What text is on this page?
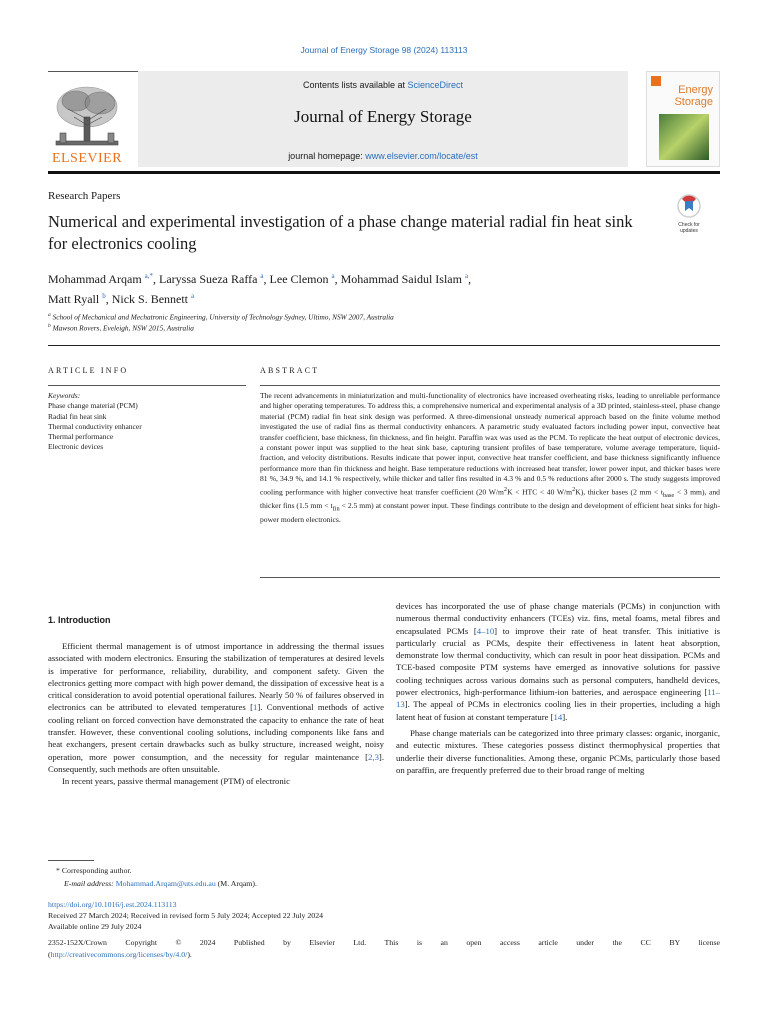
Journal of Energy Storage 98 (2024) 113113
ELSEVIER
Contents lists available at ScienceDirect
Journal of Energy Storage
journal homepage: www.elsevier.com/locate/est
Energy
Storage
Research Papers
Numerical and experimental investigation of a phase change material radial fin heat sink for electronics cooling
Check for
updates
Mohammad Arqam $^{a,*}$, Laryssa Sueza Raffa $^a$, Lee Clemon $^a$, Mohammad Saidul Islam $^a$,
Matt Ryall $^b$, Nick S. Bennett $^a$
$^a$ School of Mechanical and Mechatronic Engineering, University of Technology Sydney, Ultimo, NSW 2007, Australia
$^b$ Mawson Rovers, Eveleigh, NSW 2015, Australia
ARTICLE INFO	ABSTRACT
Keywords:
Phase change material (PCM)
Radial fin heat sink
Thermal conductivity enhancer
Thermal performance
Electronic devices
The recent advancements in miniaturization and multi-functionality of electronics have increased overheating risks, leading to unreliable performance and higher operating temperatures. To address this, a comprehensive numerical and experimental analysis of a 3D printed, stainless-steel, phase change material (PCM) radial fin heat sink design was performed. A three-dimensional unsteady numerical approach based on the finite volume method investigated the use of radial fins as thermal conductivity enhancers. A parametric study evaluated factors including power input, convective heat transfer coefficient, base thickness, fin thickness, and fin height. Paraffin wax was used as the PCM. To replicate the heat output of electronic devices, a constant power input was supplied to the heat sink base, capturing transient profiles of base temperature, volume average temperature, liquid-fraction, and velocity distributions. Results indicate that power input, convective heat transfer coefficient, and base thickness significantly influence performance more than fin thickness and height. Base temperature reductions with increased heat transfer, lower power input, and thicker bases were 81 %, 34.9 %, and 14.1 % respectively, while thicker and taller fins resulted in 4.3 % and 0.5 % reductions after 2000 s. The study suggests improved cooling performance with higher convective heat transfer coefficient (20 $W/m^2K$ < HTC < 40 $W/m^2K$), thicker bases (2 mm < $t_{base} < 3$ mm), and thicker fins (1.5 mm < $t_{fin} < 2.5$ mm) at constant power input. These findings contribute to the design and development of efficient heat sinks for high-power modern electronics.
1. Introduction

Efficient thermal management is of utmost importance in addressing the thermal issues associated with modern electronics. Ensuring the stabilization of temperatures at desired levels is imperative for performance, reliability, durability, and component safety. Given the electronics getting more compact with high power demand, the dissipation of excessive heat is a critical consideration to avoid potential operational failures. Nearly 50 % of failures observed in electronics can be attributed to elevated temperatures [1]. Conventional methods of active cooling reliant on forced convection have demonstrated the capacity to enhance the rate of heat transfer. However, these conventional cooling solutions, including components like fans and heat exchangers, present certain drawbacks such as bulky structure, increased weight, noisy operation, more power consumption, and the necessity for regular maintenance [2,3]. Consequently, such methods are often unsuitable.

In recent years, passive thermal management (PTM) of electronic

devices has incorporated the use of phase change materials (PCMs) in conjunction with numerous thermal conductivity enhancers (TCEs) viz. fins, metal foams, metal fibres and encapsulated PCMs [4–10] to improve their rate of heat transfer. This initiative is particularly crucial as PCMs, despite their effectiveness in latent heat absorption, demonstrate low thermal conductivity, which can result in poor heat dissipation. PCMs and TCE-based composite PTM systems have emerged as innovative solutions for passive cooling techniques across various domains such as personal computers, handheld devices, power electronics, high-performance lithium-ion batteries, and aerospace engineering [11–13]. The appeal of PCMs in electronics cooling lies in their properties, including a high latent heat of fusion at constant temperature [14].

Phase change materials can be categorized into three primary classes: organic, inorganic, and eutectic mixtures. These categories possess distinct thermophysical properties that underlie their diverse functionalities. Among these, organic PCMs, particularly those based on paraffin, are frequently preferred due to their broad range of melting

* Corresponding author.
E-mail address: Mohammad.Arqam@uts.edu.au (M. Arqam).
https://doi.org/10.1016/j.est.2024.113113
Received 27 March 2024; Received in revised form 5 July 2024; Accepted 22 July 2024
Available online 29 July 2024
2352-152X/Crown Copyright © 2024 Published by Elsevier Ltd. This is an open access article under the CC BY license
(http://creativecommons.org/licenses/by/4.0/).
